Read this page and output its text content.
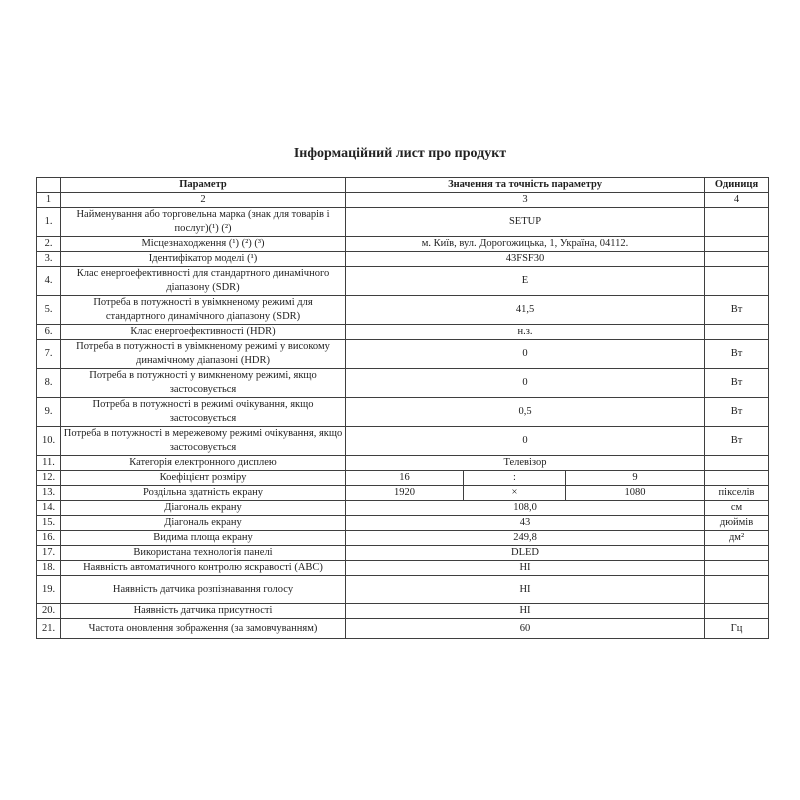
Інформаційний лист про продукт
	Параметр	Значення та точність параметру			Одиниця
1	2	3			4
1.	Найменування або торговельна марка (знак для товарів і послуг)(¹) (²)	SETUP			
2.	Місцезнаходження (¹) (²) (³)	м. Київ, вул. Дорогожицька, 1, Україна, 04112.			
3.	Ідентифікатор моделі (¹)	43FSF30			
4.	Клас енергоефективності для стандартного динамічного діапазону (SDR)	E			
5.	Потреба в потужності в увімкненому режимі для стандартного динамічного діапазону (SDR)	41,5			Вт
6.	Клас енергоефективності (HDR)	н.з.			
7.	Потреба в потужності в увімкненому режимі у високому динамічному діапазоні (HDR)	0			Вт
8.	Потреба в потужності у вимкненому режимі, якщо застосовується	0			Вт
9.	Потреба в потужності в режимі очікування, якщо застосовується	0,5			Вт
10.	Потреба в потужності в мережевому режимі очікування, якщо застосовується	0			Вт
11.	Категорія електронного дисплею	Телевізор			
12.	Коефіцієнт розміру	16	:	9	
13.	Роздільна здатність екрану	1920	×	1080	пікселів
14.	Діагональ екрану	108,0			см
15.	Діагональ екрану	43			дюймів
16.	Видима площа екрану	249,8			дм²
17.	Використана технологія панелі	DLED			
18.	Наявність автоматичного контролю яскравості (ABC)	НІ			
19.	Наявність датчика розпізнавання голосу	НІ			
20.	Наявність датчика присутності	НІ			
21.	Частота оновлення зображення (за замовчуванням)	60			Гц
